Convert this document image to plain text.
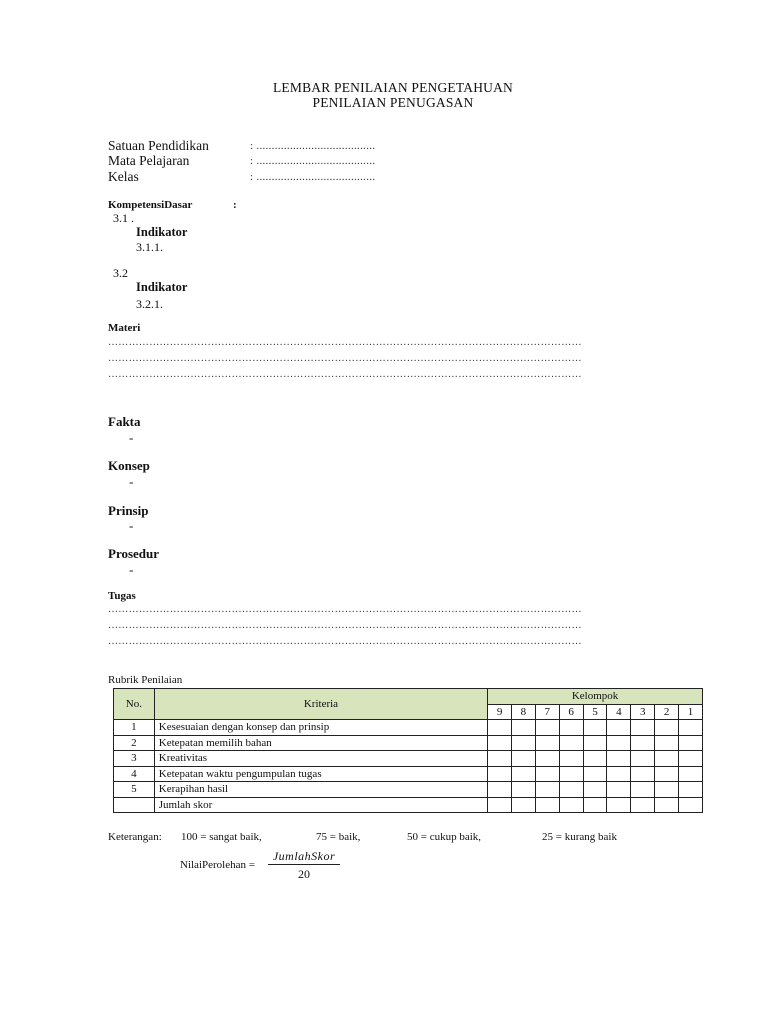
LEMBAR PENILAIAN PENGETAHUAN
PENILAIAN PENUGASAN
Satuan Pendidikan	: .......................................
Mata Pelajaran	: .......................................
Kelas	: .......................................
KompetensiDasar	:
3.1 .
Indikator
3.1.1.
3.2
Indikator
3.2.1.
Materi
…………………………………………………………………………………………………………………………
…………………………………………………………………………………………………………………………
…………………………………………………………………………………………………………………………
Fakta
-
Konsep
-
Prinsip
-
Prosedur
-
Tugas
…………………………………………………………………………………………………………………………
…………………………………………………………………………………………………………………………
…………………………………………………………………………………………………………………………
Rubrik Penilaian
No.	Kriteria	Kelompok								
		9	8	7	6	5	4	3	2	1
1	Kesesuaian dengan konsep dan prinsip									
2	Ketepatan memilih bahan									
3	Kreativitas									
4	Ketepatan waktu pengumpulan tugas									
5	Kerapihan hasil									
	Jumlah skor									
Keterangan: 100 = sangat baik,	75 = baik,	50 = cukup baik,	25 = kurang baik
NilaiPerolehan =
JumlahSkor
20
